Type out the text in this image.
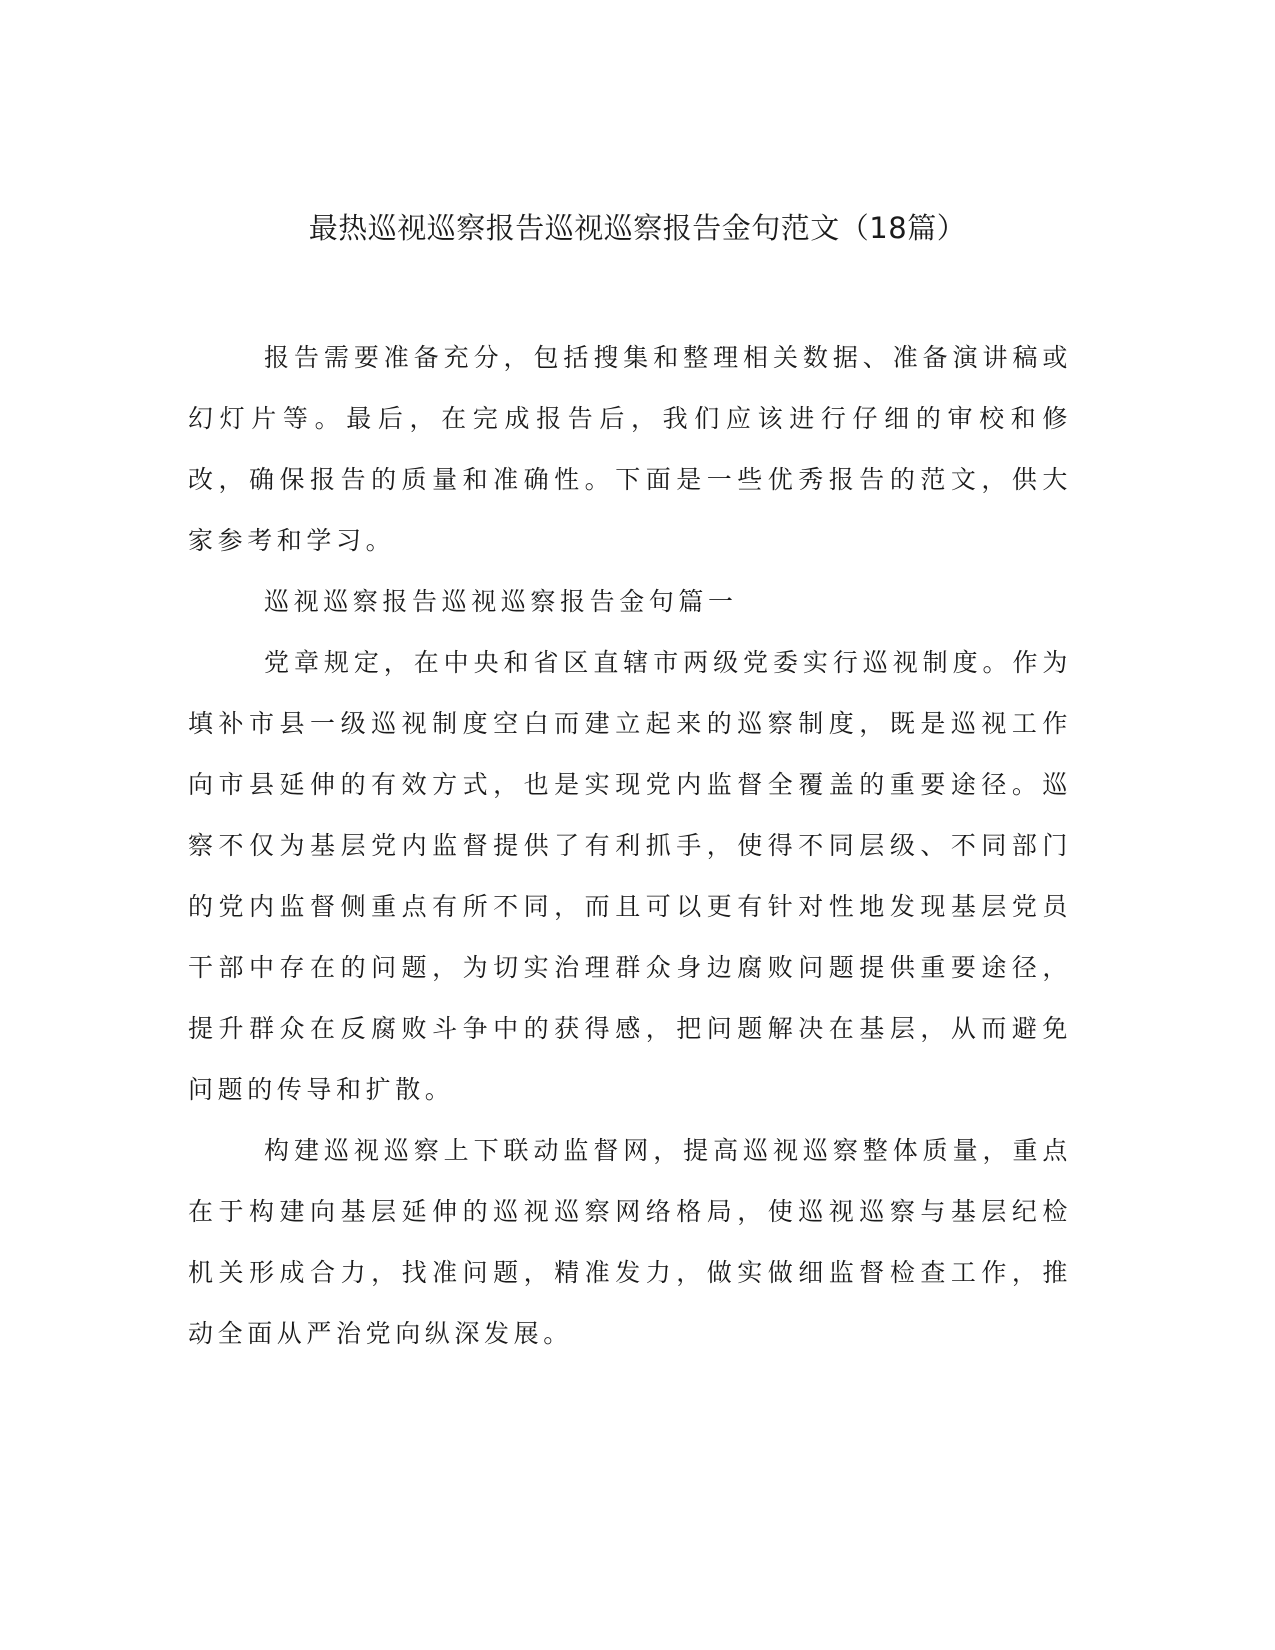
最热巡视巡察报告巡视巡察报告金句范文（18篇）

报告需要准备充分，包括搜集和整理相关数据、准备演讲稿或幻灯片等。最后，在完成报告后，我们应该进行仔细的审校和修改，确保报告的质量和准确性。下面是一些优秀报告的范文，供大家参考和学习。

巡视巡察报告巡视巡察报告金句篇一

党章规定，在中央和省区直辖市两级党委实行巡视制度。作为填补市县一级巡视制度空白而建立起来的巡察制度，既是巡视工作向市县延伸的有效方式，也是实现党内监督全覆盖的重要途径。巡察不仅为基层党内监督提供了有利抓手，使得不同层级、不同部门的党内监督侧重点有所不同，而且可以更有针对性地发现基层党员干部中存在的问题，为切实治理群众身边腐败问题提供重要途径，提升群众在反腐败斗争中的获得感，把问题解决在基层，从而避免问题的传导和扩散。

构建巡视巡察上下联动监督网，提高巡视巡察整体质量，重点在于构建向基层延伸的巡视巡察网络格局，使巡视巡察与基层纪检机关形成合力，找准问题，精准发力，做实做细监督检查工作，推动全面从严治党向纵深发展。
